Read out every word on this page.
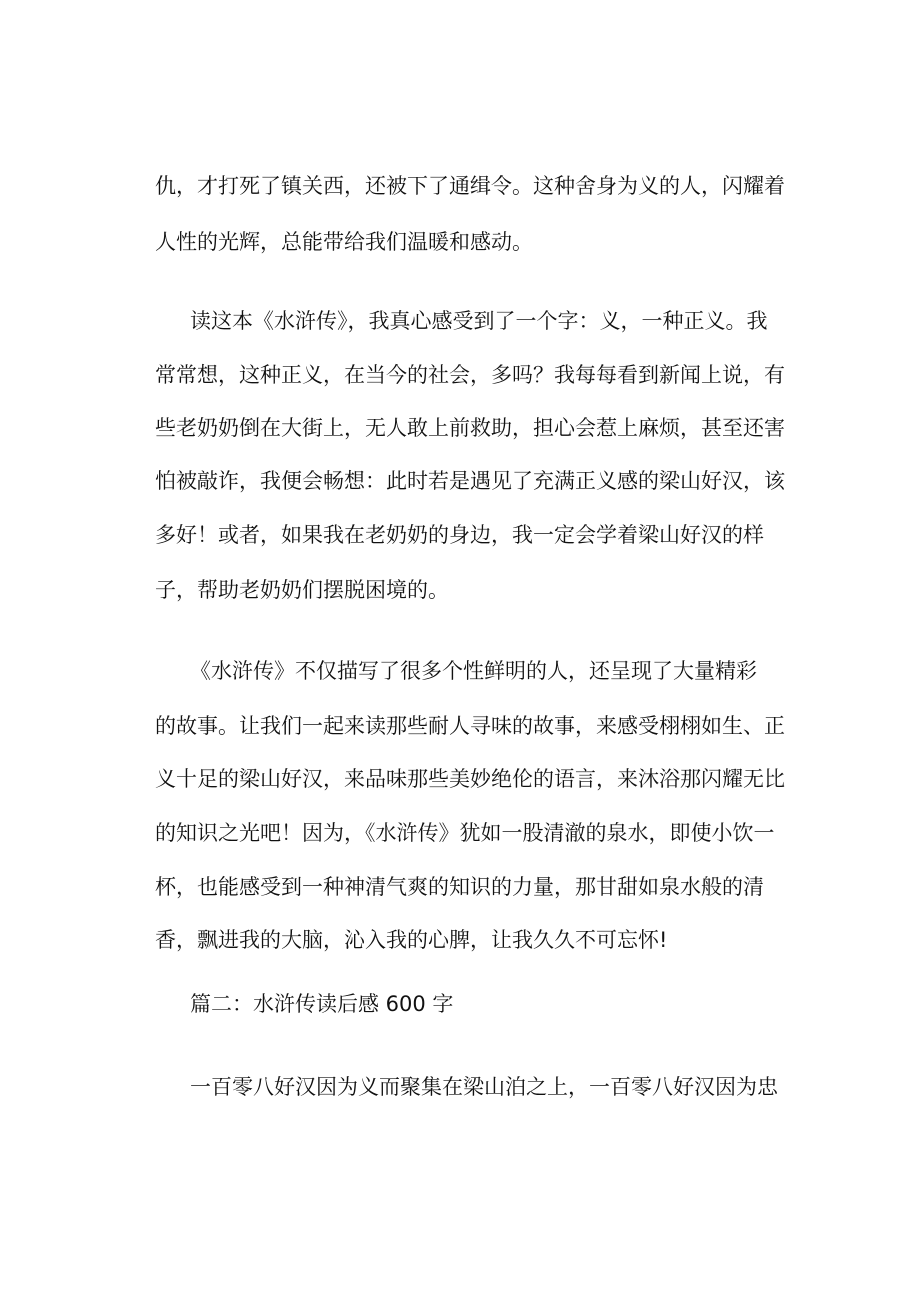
仇，才打死了镇关西，还被下了通缉令。这种舍身为义的人，闪耀着
人性的光辉，总能带给我们温暖和感动。
读这本《水浒传》，我真心感受到了一个字：义，一种正义。我
常常想，这种正义，在当今的社会，多吗？我每每看到新闻上说，有
些老奶奶倒在大街上，无人敢上前救助，担心会惹上麻烦，甚至还害
怕被敲诈，我便会畅想：此时若是遇见了充满正义感的梁山好汉，该
多好！或者，如果我在老奶奶的身边，我一定会学着梁山好汉的样
子，帮助老奶奶们摆脱困境的。
《水浒传》不仅描写了很多个性鲜明的人，还呈现了大量精彩
的故事。让我们一起来读那些耐人寻味的故事，来感受栩栩如生、正
义十足的梁山好汉，来品味那些美妙绝伦的语言，来沐浴那闪耀无比
的知识之光吧！因为，《水浒传》犹如一股清澈的泉水，即使小饮一
杯，也能感受到一种神清气爽的知识的力量，那甘甜如泉水般的清
香，飘进我的大脑，沁入我的心脾，让我久久不可忘怀!
篇二：水浒传读后感 600 字
一百零八好汉因为义而聚集在梁山泊之上，一百零八好汉因为忠
